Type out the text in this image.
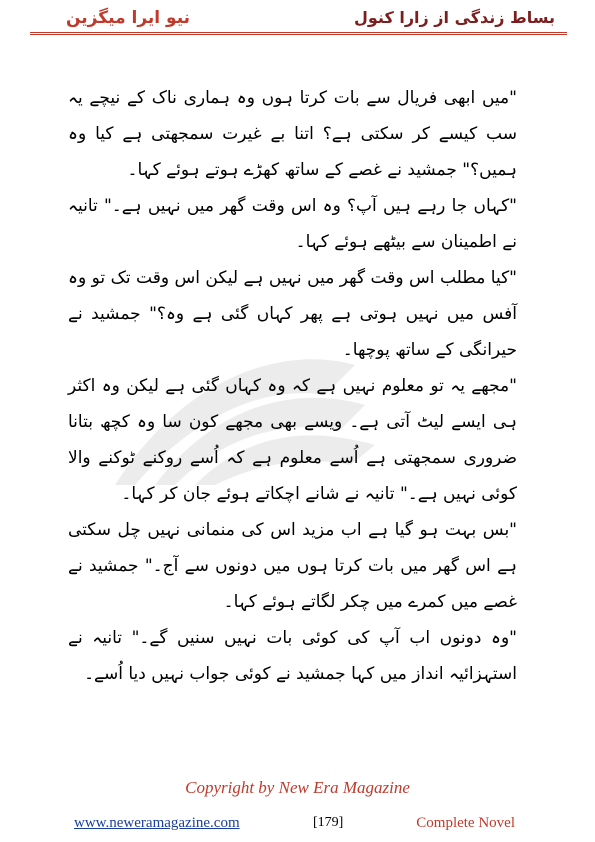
نیو ایرا میگزین	بساط زندگی از زارا کنول

"میں ابھی فریال سے بات کرتا ہوں وہ ہماری ناک کے نیچے یہ سب کیسے کر سکتی ہے؟ اتنا بے غیرت سمجھتی ہے کیا وہ ہمیں؟" جمشید نے غصے کے ساتھ کھڑے ہوتے ہوئے کہا۔

"کہاں جا رہے ہیں آپ؟ وہ اس وقت گھر میں نہیں ہے۔" تانیہ نے اطمینان سے بیٹھے ہوئے کہا۔

"کیا مطلب اس وقت گھر میں نہیں ہے لیکن اس وقت تک تو وہ آفس میں نہیں ہوتی ہے پھر کہاں گئی ہے وہ؟" جمشید نے حیرانگی کے ساتھ پوچھا۔

"مجھے یہ تو معلوم نہیں ہے کہ وہ کہاں گئی ہے لیکن وہ اکثر ہی ایسے لیٹ آتی ہے۔ ویسے بھی مجھے کون سا وہ کچھ بتانا ضروری سمجھتی ہے اُسے معلوم ہے کہ اُسے روکنے ٹوکنے والا کوئی نہیں ہے۔" تانیہ نے شانے اچکاتے ہوئے جان کر کہا۔

"بس بہت ہو گیا ہے اب مزید اس کی منمانی نہیں چل سکتی ہے اس گھر میں بات کرتا ہوں میں دونوں سے آج۔" جمشید نے غصے میں کمرے میں چکر لگاتے ہوئے کہا۔

"وہ دونوں اب آپ کی کوئی بات نہیں سنیں گے۔" تانیہ نے استہزائیہ انداز میں کہا جمشید نے کوئی جواب نہیں دیا اُسے۔

Copyright by New Era Magazine
www.neweramagazine.com	[179]	Complete Novel
